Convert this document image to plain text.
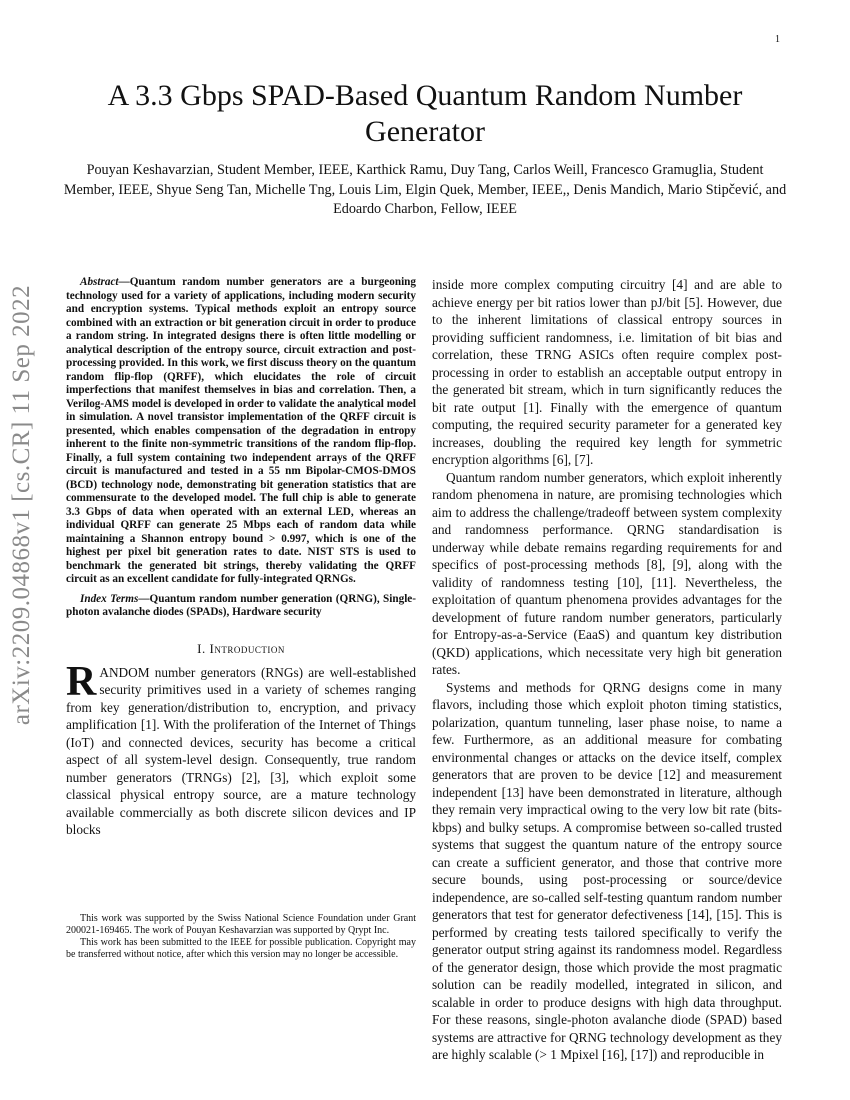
1
arXiv:2209.04868v1 [cs.CR] 11 Sep 2022
A 3.3 Gbps SPAD-Based Quantum Random Number Generator
Pouyan Keshavarzian, Student Member, IEEE, Karthick Ramu, Duy Tang, Carlos Weill, Francesco Gramuglia, Student Member, IEEE, Shyue Seng Tan, Michelle Tng, Louis Lim, Elgin Quek, Member, IEEE,, Denis Mandich, Mario Stipčević, and Edoardo Charbon, Fellow, IEEE

Abstract—Quantum random number generators are a burgeoning technology used for a variety of applications, including modern security and encryption systems. Typical methods exploit an entropy source combined with an extraction or bit generation circuit in order to produce a random string. In integrated designs there is often little modelling or analytical description of the entropy source, circuit extraction and post-processing provided. In this work, we first discuss theory on the quantum random flip-flop (QRFF), which elucidates the role of circuit imperfections that manifest themselves in bias and correlation. Then, a Verilog-AMS model is developed in order to validate the analytical model in simulation. A novel transistor implementation of the QRFF circuit is presented, which enables compensation of the degradation in entropy inherent to the finite non-symmetric transitions of the random flip-flop. Finally, a full system containing two independent arrays of the QRFF circuit is manufactured and tested in a 55 nm Bipolar-CMOS-DMOS (BCD) technology node, demonstrating bit generation statistics that are commensurate to the developed model. The full chip is able to generate 3.3 Gbps of data when operated with an external LED, whereas an individual QRFF can generate 25 Mbps each of random data while maintaining a Shannon entropy bound > 0.997, which is one of the highest per pixel bit generation rates to date. NIST STS is used to benchmark the generated bit strings, thereby validating the QRFF circuit as an excellent candidate for fully-integrated QRNGs.

Index Terms—Quantum random number generation (QRNG), Single-photon avalanche diodes (SPADs), Hardware security

I. Introduction

RANDOM number generators (RNGs) are well-established security primitives used in a variety of schemes ranging from key generation/distribution to, encryption, and privacy amplification [1]. With the proliferation of the Internet of Things (IoT) and connected devices, security has become a critical aspect of all system-level design. Consequently, true random number generators (TRNGs) [2], [3], which exploit some classical physical entropy source, are a mature technology available commercially as both discrete silicon devices and IP blocks

inside more complex computing circuitry [4] and are able to achieve energy per bit ratios lower than pJ/bit [5]. However, due to the inherent limitations of classical entropy sources in providing sufficient randomness, i.e. limitation of bit bias and correlation, these TRNG ASICs often require complex post-processing in order to establish an acceptable output entropy in the generated bit stream, which in turn significantly reduces the bit rate output [1]. Finally with the emergence of quantum computing, the required security parameter for a generated key increases, doubling the required key length for symmetric encryption algorithms [6], [7].

Quantum random number generators, which exploit inherently random phenomena in nature, are promising technologies which aim to address the challenge/tradeoff between system complexity and randomness performance. QRNG standardisation is underway while debate remains regarding requirements for and specifics of post-processing methods [8], [9], along with the validity of randomness testing [10], [11]. Nevertheless, the exploitation of quantum phenomena provides advantages for the development of future random number generators, particularly for Entropy-as-a-Service (EaaS) and quantum key distribution (QKD) applications, which necessitate very high bit generation rates.

Systems and methods for QRNG designs come in many flavors, including those which exploit photon timing statistics, polarization, quantum tunneling, laser phase noise, to name a few. Furthermore, as an additional measure for combating environmental changes or attacks on the device itself, complex generators that are proven to be device [12] and measurement independent [13] have been demonstrated in literature, although they remain very impractical owing to the very low bit rate (bits-kbps) and bulky setups. A compromise between so-called trusted systems that suggest the quantum nature of the entropy source can create a sufficient generator, and those that contrive more secure bounds, using post-processing or source/device independence, are so-called self-testing quantum random number generators that test for generator defectiveness [14], [15]. This is performed by creating tests tailored specifically to verify the generator output string against its randomness model. Regardless of the generator design, those which provide the most pragmatic solution can be readily modelled, integrated in silicon, and scalable in order to produce designs with high data throughput. For these reasons, single-photon avalanche diode (SPAD) based systems are attractive for QRNG technology development as they are highly scalable (> 1 Mpixel [16], [17]) and reproducible in

This work was supported by the Swiss National Science Foundation under Grant 200021-169465. The work of Pouyan Keshavarzian was supported by Qrypt Inc.

This work has been submitted to the IEEE for possible publication. Copyright may be transferred without notice, after which this version may no longer be accessible.
